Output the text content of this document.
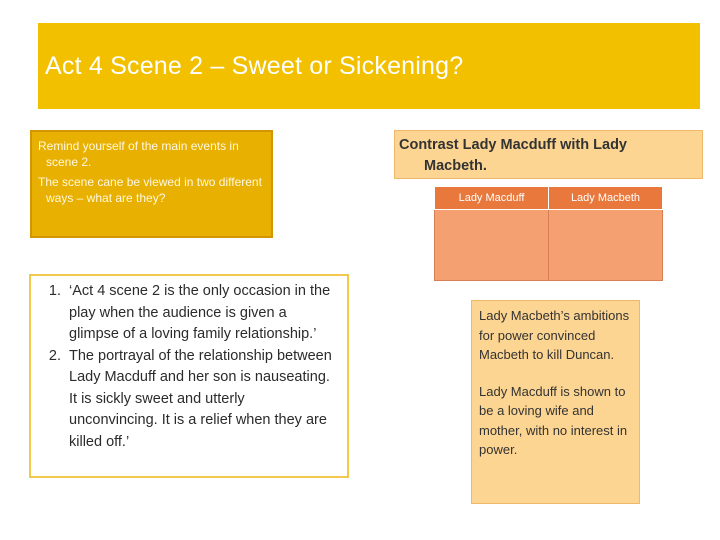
Act 4 Scene 2 – Sweet or Sickening?

Remind yourself of the main events in scene 2.

The scene cane be viewed in two different ways – what are they?

1. ‘Act 4 scene 2 is the only occasion in the play when the audience is given a glimpse of a loving family relationship.’
2. The portrayal of the relationship between Lady Macduff and her son is nauseating. It is sickly sweet and utterly unconvincing. It is a relief when they are killed off.’
Contrast Lady Macduff with Lady
Macbeth.
Lady Macduff	Lady Macbeth

Lady Macbeth’s ambitions for power convinced Macbeth to kill Duncan.

Lady Macduff is shown to be a loving wife and mother, with no interest in power.
